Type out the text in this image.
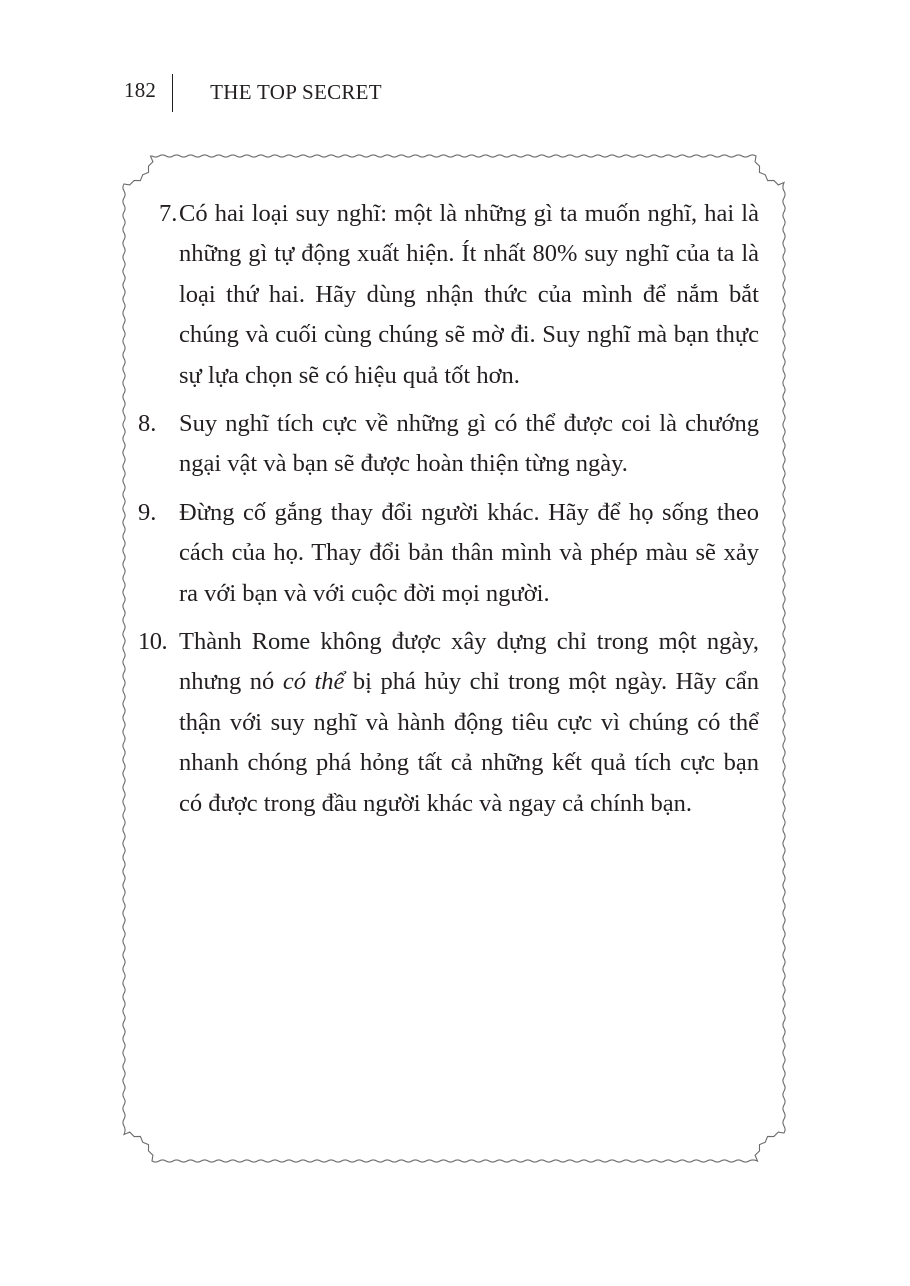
182	THE TOP SECRET
7. Có hai loại suy nghĩ: một là những gì ta muốn nghĩ, hai là những gì tự động xuất hiện. Ít nhất 80% suy nghĩ của ta là loại thứ hai. Hãy dùng nhận thức của mình để nắm bắt chúng và cuối cùng chúng sẽ mờ đi. Suy nghĩ mà bạn thực sự lựa chọn sẽ có hiệu quả tốt hơn.
8. Suy nghĩ tích cực về những gì có thể được coi là chướng ngại vật và bạn sẽ được hoàn thiện từng ngày.
9. Đừng cố gắng thay đổi người khác. Hãy để họ sống theo cách của họ. Thay đổi bản thân mình và phép màu sẽ xảy ra với bạn và với cuộc đời mọi người.
10. Thành Rome không được xây dựng chỉ trong một ngày, nhưng nó có thể bị phá hủy chỉ trong một ngày. Hãy cẩn thận với suy nghĩ và hành động tiêu cực vì chúng có thể nhanh chóng phá hỏng tất cả những kết quả tích cực bạn có được trong đầu người khác và ngay cả chính bạn.
